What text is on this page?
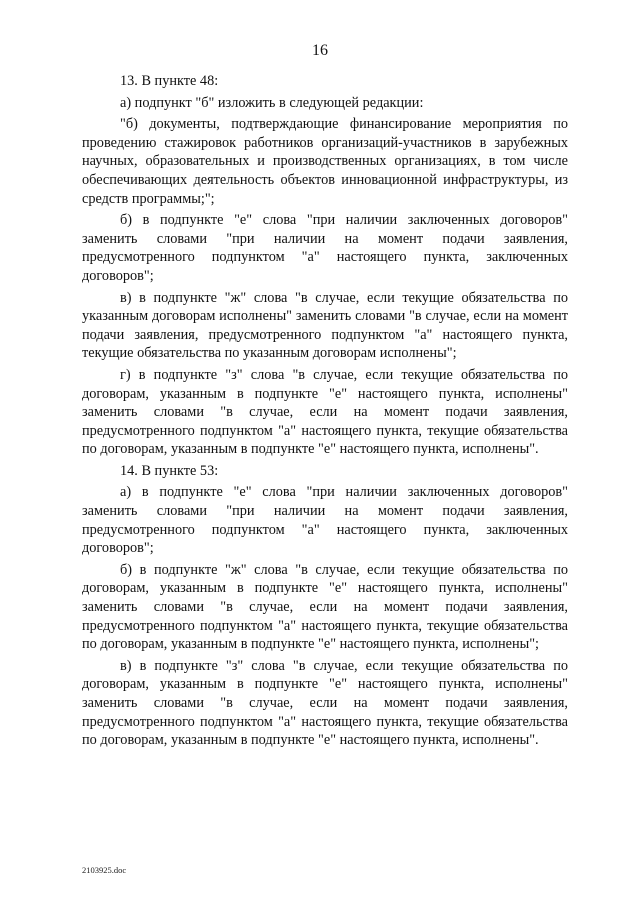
16

13. В пункте 48:

а) подпункт "б" изложить в следующей редакции:

"б) документы, подтверждающие финансирование мероприятия по проведению стажировок работников организаций-участников в зарубежных научных, образовательных и производственных организациях, в том числе обеспечивающих деятельность объектов инновационной инфраструктуры, из средств программы;";

б) в подпункте "е" слова "при наличии заключенных договоров" заменить словами "при наличии на момент подачи заявления, предусмотренного подпунктом "а" настоящего пункта, заключенных договоров";

в) в подпункте "ж" слова "в случае, если текущие обязательства по указанным договорам исполнены" заменить словами "в случае, если на момент подачи заявления, предусмотренного подпунктом "а" настоящего пункта, текущие обязательства по указанным договорам исполнены";

г) в подпункте "з" слова "в случае, если текущие обязательства по договорам, указанным в подпункте "е" настоящего пункта, исполнены" заменить словами "в случае, если на момент подачи заявления, предусмотренного подпунктом "а" настоящего пункта, текущие обязательства по договорам, указанным в подпункте "е" настоящего пункта, исполнены".

14. В пункте 53:

а) в подпункте "е" слова "при наличии заключенных договоров" заменить словами "при наличии на момент подачи заявления, предусмотренного подпунктом "а" настоящего пункта, заключенных договоров";

б) в подпункте "ж" слова "в случае, если текущие обязательства по договорам, указанным в подпункте "е" настоящего пункта, исполнены" заменить словами "в случае, если на момент подачи заявления, предусмотренного подпунктом "а" настоящего пункта, текущие обязательства по договорам, указанным в подпункте "е" настоящего пункта, исполнены";

в) в подпункте "з" слова "в случае, если текущие обязательства по договорам, указанным в подпункте "е" настоящего пункта, исполнены" заменить словами "в случае, если на момент подачи заявления, предусмотренного подпунктом "а" настоящего пункта, текущие обязательства по договорам, указанным в подпункте "е" настоящего пункта, исполнены".

2103925.doc
